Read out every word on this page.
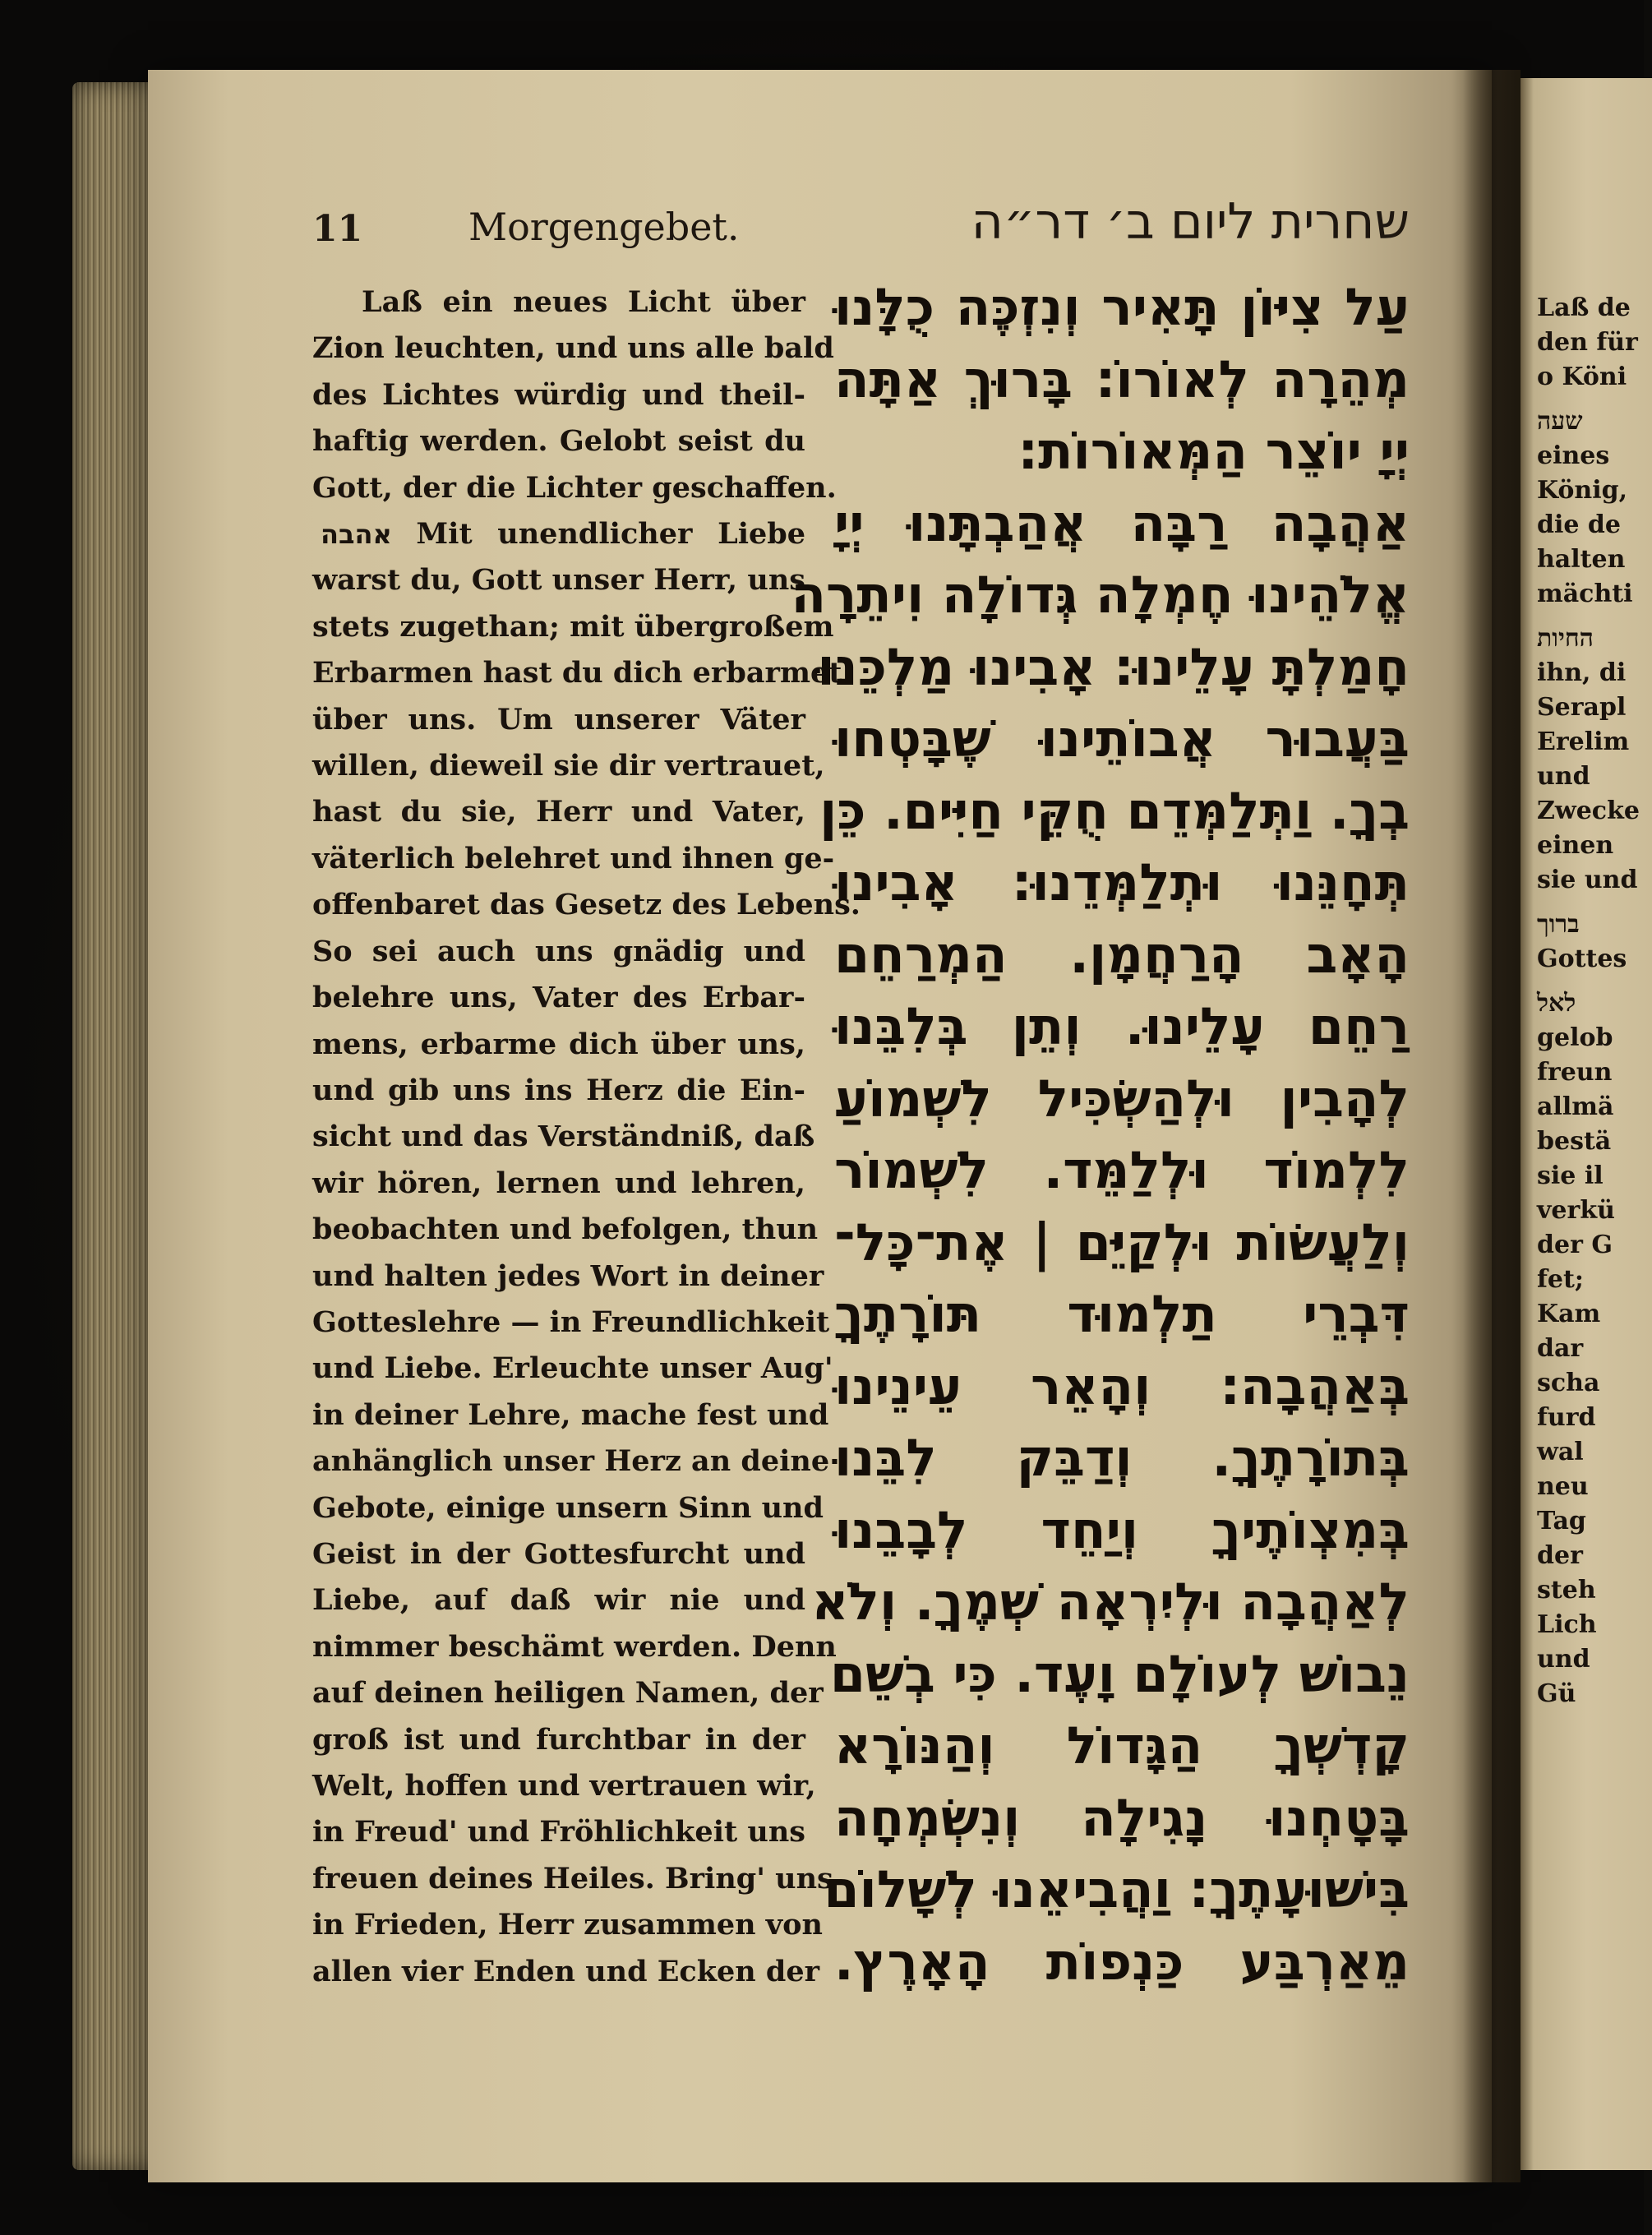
11	Morgengebet.	שחרית ליום ב׳ דר״ה
Laß ein neues Licht über
Zion leuchten, und uns alle bald
des Lichtes würdig und theil-
haftig werden. Gelobt seist du
Gott, der die Lichter geschaffen.
אהבה Mit unendlicher Liebe
warst du, Gott unser Herr, uns
stets zugethan; mit übergroßem
Erbarmen hast du dich erbarmet
über uns. Um unserer Väter
willen, dieweil sie dir vertrauet,
hast du sie, Herr und Vater,
väterlich belehret und ihnen ge-
offenbaret das Gesetz des Lebens.
So sei auch uns gnädig und
belehre uns, Vater des Erbar-
mens, erbarme dich über uns,
und gib uns ins Herz die Ein-
sicht und das Verständniß, daß
wir hören, lernen und lehren,
beobachten und befolgen, thun
und halten jedes Wort in deiner
Gotteslehre — in Freundlichkeit
und Liebe. Erleuchte unser Aug'
in deiner Lehre, mache fest und
anhänglich unser Herz an deine
Gebote, einige unsern Sinn und
Geist in der Gottesfurcht und
Liebe, auf daß wir nie und
nimmer beschämt werden. Denn
auf deinen heiligen Namen, der
groß ist und furchtbar in der
Welt, hoffen und vertrauen wir,
in Freud' und Fröhlichkeit uns
freuen deines Heiles. Bring' uns
in Frieden, Herr zusammen von
allen vier Enden und Ecken der
עַל צִיּוֹן תָּאִיר וְנִזְכֶּה כֻלָּנוּ
מְהֵרָה לְאוֹרוֹ: בָּרוּךְ אַתָּה
יְיָ יוֹצֵר הַמְּאוֹרוֹת:
אַהֲבָה רַבָּה אֲהַבְתָּנוּ יְיָ
אֱלֹהֵינוּ חֶמְלָה גְּדוֹלָה וִיתֵרָה
חָמַלְתָּ עָלֵינוּ: אָבִינוּ מַלְכֵּנוּ
בַּעֲבוּר אֲבוֹתֵינוּ שֶׁבָּטְחוּ
בְךָ. וַתְּלַמְּדֵם חֻקֵּי חַיִּים. כֵּן
תְּחָנֵּנוּ וּתְלַמְּדֵנוּ: אָבִינוּ
הָאָב הָרַחֲמָן. הַמְרַחֵם
רַחֵם עָלֵינוּ. וְתֵן בְּלִבֵּנוּ
לְהָבִין וּלְהַשְׂכִּיל לִשְׁמוֹעַ
לִלְמוֹד וּלְלַמֵּד. לִשְׁמוֹר
וְלַעֲשׂוֹת וּלְקַיֵּם | אֶת־כָּל־
דִּבְרֵי תַלְמוּד תּוֹרָתֶךָ
בְּאַהֲבָה: וְהָאֵר עֵינֵינוּ
בְּתוֹרָתֶךָ. וְדַבֵּק לִבֵּנוּ
בְּמִצְוֹתֶיךָ וְיַחֵד לְבָבֵנוּ
לְאַהֲבָה וּלְיִרְאָה שְׁמֶךָ. וְלֹא
נֵבוֹשׁ לְעוֹלָם וָעֶד. כִּי בְשֵׁם
קָדְשְׁךָ הַגָּדוֹל וְהַנּוֹרָא
בָּטָחְנוּ נָגִילָה וְנִשְׂמְחָה
בִּישׁוּעָתֶךָ: וַהֲבִיאֵנוּ לְשָׁלוֹם
מֵאַרְבַּע כַּנְפוֹת הָאָרֶץ.
Laß de
den für
o Köni
שעה
eines
König,
die de
halten
mächti
החיות
ihn, di
Serapl
Erelim
und
Zwecke
einen
sie und
ברוך
Gottes
לאל
gelob
freun
allmä
bestä
sie il
verkü
der G
fet;
Kam
dar
scha
furd
wal
neu
Tag
der
steh
Lich
und
Gü
